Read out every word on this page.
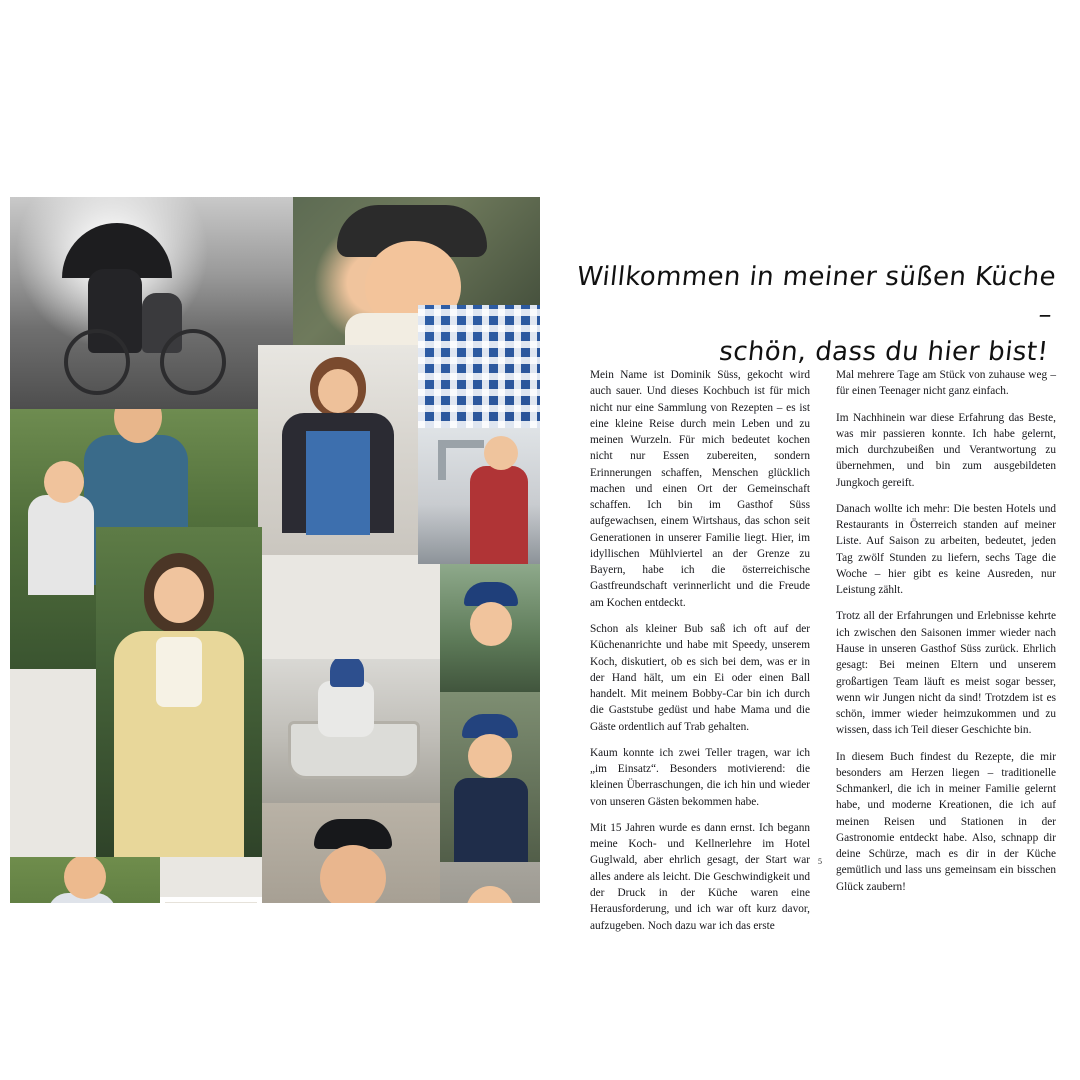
Willkommen in meiner süßen Küche –
schön, dass du hier bist!

Mein Name ist Dominik Süss, gekocht wird auch sauer. Und dieses Kochbuch ist für mich nicht nur eine Sammlung von Rezepten – es ist eine kleine Reise durch mein Leben und zu meinen Wurzeln. Für mich bedeutet kochen nicht nur Essen zubereiten, sondern Erinnerungen schaffen, Menschen glücklich machen und einen Ort der Gemeinschaft schaffen. Ich bin im Gasthof Süss aufgewachsen, einem Wirtshaus, das schon seit Generationen in unserer Familie liegt. Hier, im idyllischen Mühlviertel an der Grenze zu Bayern, habe ich die österreichische Gastfreundschaft verinnerlicht und die Freude am Kochen entdeckt.

Schon als kleiner Bub saß ich oft auf der Küchenanrichte und habe mit Speedy, unserem Koch, diskutiert, ob es sich bei dem, was er in der Hand hält, um ein Ei oder einen Ball handelt. Mit meinem Bobby-Car bin ich durch die Gaststube gedüst und habe Mama und die Gäste ordentlich auf Trab gehalten.

Kaum konnte ich zwei Teller tragen, war ich „im Einsatz“. Besonders motivierend: die kleinen Überraschungen, die ich hin und wieder von unseren Gästen bekommen habe.

Mit 15 Jahren wurde es dann ernst. Ich begann meine Koch- und Kellnerlehre im Hotel Guglwald, aber ehrlich gesagt, der Start war alles andere als leicht. Die Geschwindigkeit und der Druck in der Küche waren eine Herausforderung, und ich war oft kurz davor, aufzugeben. Noch dazu war ich das erste

Mal mehrere Tage am Stück von zuhause weg – für einen Teenager nicht ganz einfach.

Im Nachhinein war diese Erfahrung das Beste, was mir passieren konnte. Ich habe gelernt, mich durchzubeißen und Verantwortung zu übernehmen, und bin zum ausgebildeten Jungkoch gereift.

Danach wollte ich mehr: Die besten Hotels und Restaurants in Österreich standen auf meiner Liste. Auf Saison zu arbeiten, bedeutet, jeden Tag zwölf Stunden zu liefern, sechs Tage die Woche – hier gibt es keine Ausreden, nur Leistung zählt.

Trotz all der Erfahrungen und Erlebnisse kehrte ich zwischen den Saisonen immer wieder nach Hause in unseren Gasthof Süss zurück. Ehrlich gesagt: Bei meinen Eltern und unserem großartigen Team läuft es meist sogar besser, wenn wir Jungen nicht da sind! Trotzdem ist es schön, immer wieder heimzukommen und zu wissen, dass ich Teil dieser Geschichte bin.

In diesem Buch findest du Rezepte, die mir besonders am Herzen liegen – traditionelle Schmankerl, die ich in meiner Familie gelernt habe, und moderne Kreationen, die ich auf meinen Reisen und Stationen in der Gastronomie entdeckt habe. Also, schnapp dir deine Schürze, mach es dir in der Küche gemütlich und lass uns gemeinsam ein bisschen Glück zaubern!

5
